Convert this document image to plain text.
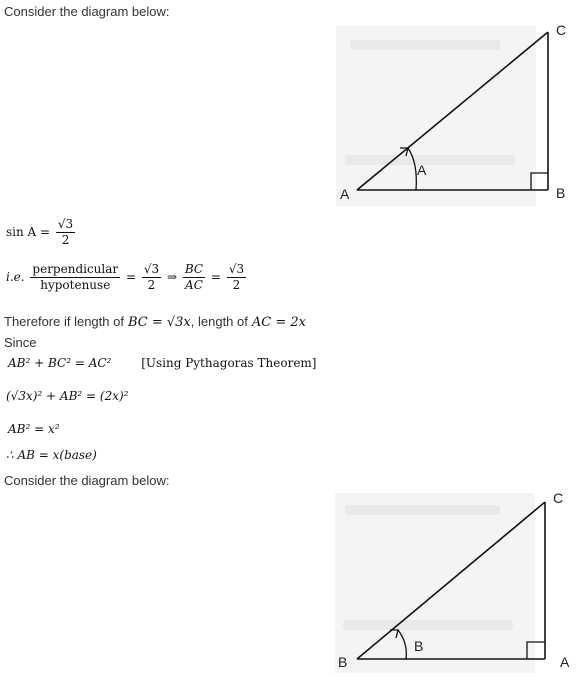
Consider the diagram below:
A	B
C
A
$\sin A = \frac{√3}{2}$
i.e. $\frac{\text{perpendicular}}{\text{hypotenuse}} = \frac{√3}{2}$ ⇒ $\frac{BC}{AC} = \frac{√3}{2}$
Therefore if length of BC = √3x, length of AC = 2x
Since
AB² + BC² = AC² [Using Pythagoras Theorem]
(√3x)² + AB² = (2x)²
AB² = x²
∴ AB = x(base)
Consider the diagram below:
B	A
C
B
